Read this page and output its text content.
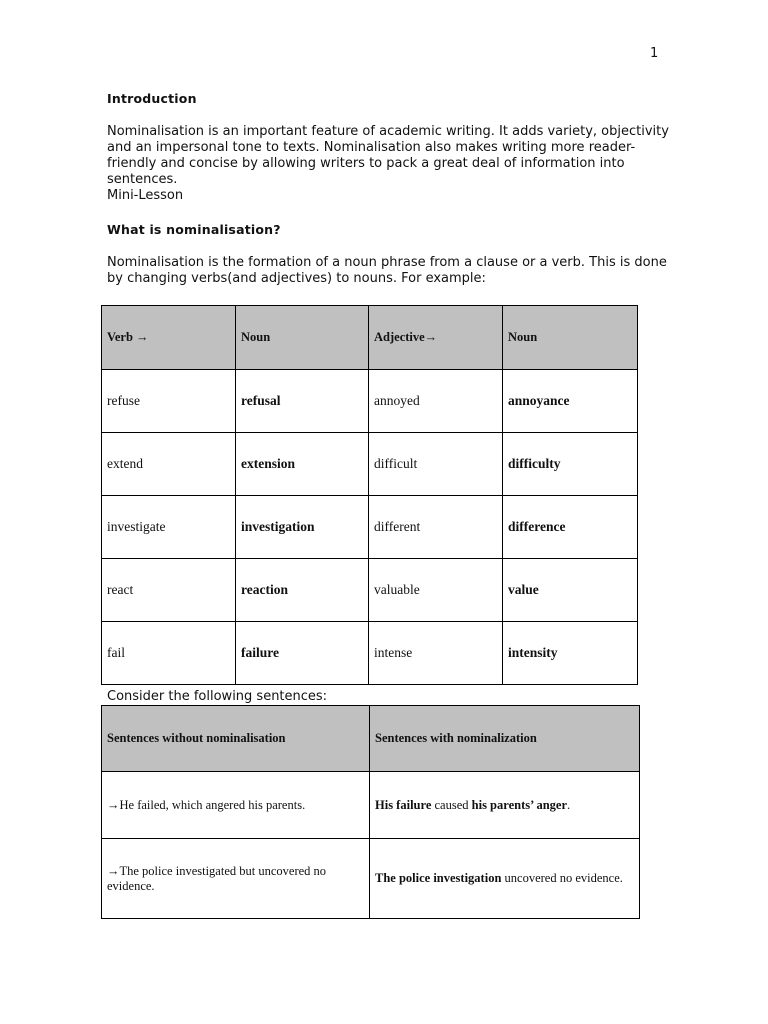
1
Introduction
Nominalisation is an important feature of academic writing. It adds variety, objectivity
and an impersonal tone to texts. Nominalisation also makes writing more reader-
friendly and concise by allowing writers to pack a great deal of information into
sentences.
Mini-Lesson
What is nominalisation?
Nominalisation is the formation of a noun phrase from a clause or a verb. This is done
by changing verbs(and adjectives) to nouns. For example:
Verb →	Noun	Adjective→	Noun
refuse	refusal	annoyed	annoyance
extend	extension	difficult	difficulty
investigate	investigation	different	difference
react	reaction	valuable	value
fail	failure	intense	intensity
Consider the following sentences:
Sentences without nominalisation	Sentences with nominalization
→He failed, which angered his parents.	His failure caused his parents’ anger.
→The police investigated but uncovered no evidence.	The police investigation uncovered no evidence.
